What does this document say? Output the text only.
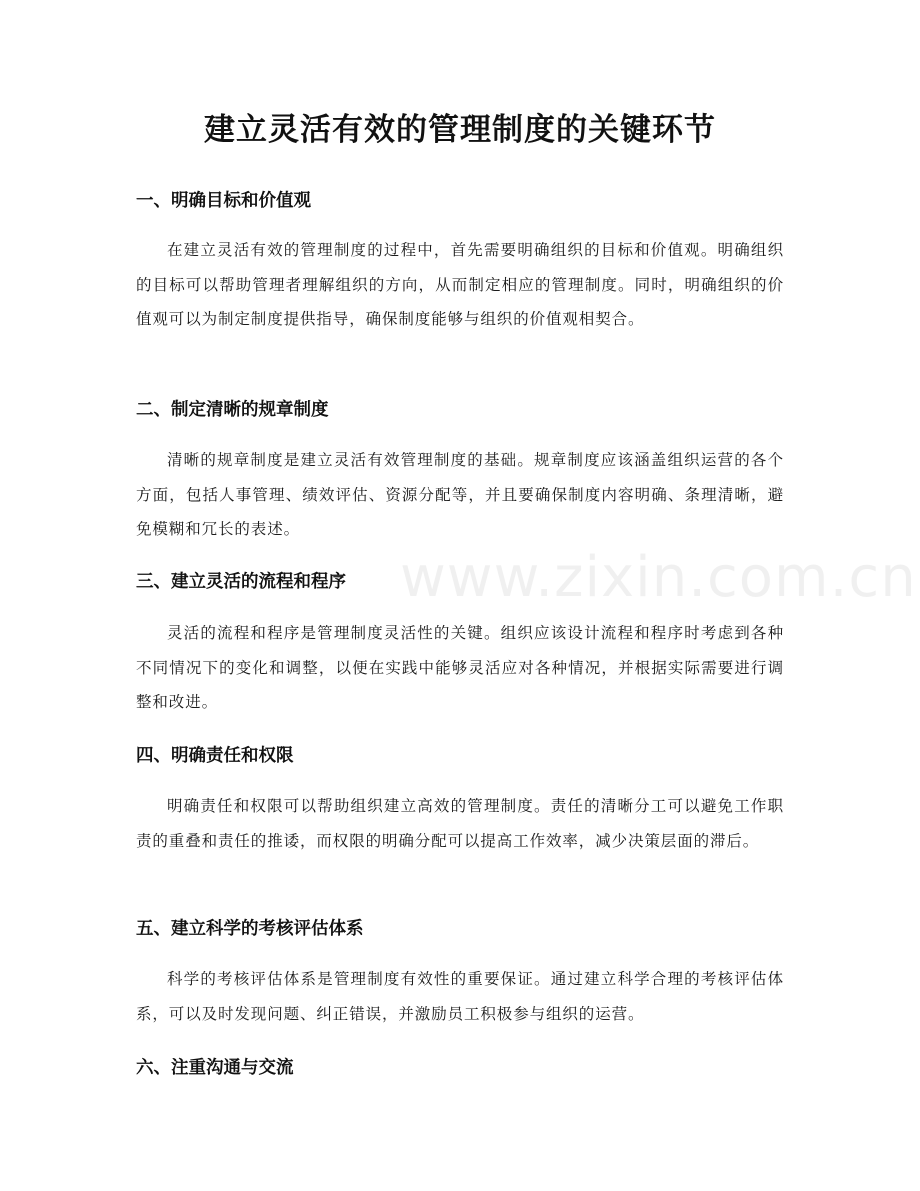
建立灵活有效的管理制度的关键环节
一、明确目标和价值观

在建立灵活有效的管理制度的过程中，首先需要明确组织的目标和价值观。明确组织的目标可以帮助管理者理解组织的方向，从而制定相应的管理制度。同时，明确组织的价值观可以为制定制度提供指导，确保制度能够与组织的价值观相契合。

二、制定清晰的规章制度

清晰的规章制度是建立灵活有效管理制度的基础。规章制度应该涵盖组织运营的各个方面，包括人事管理、绩效评估、资源分配等，并且要确保制度内容明确、条理清晰，避免模糊和冗长的表述。

三、建立灵活的流程和程序

灵活的流程和程序是管理制度灵活性的关键。组织应该设计流程和程序时考虑到各种不同情况下的变化和调整，以便在实践中能够灵活应对各种情况，并根据实际需要进行调整和改进。

四、明确责任和权限

明确责任和权限可以帮助组织建立高效的管理制度。责任的清晰分工可以避免工作职责的重叠和责任的推诿，而权限的明确分配可以提高工作效率，减少决策层面的滞后。

五、建立科学的考核评估体系

科学的考核评估体系是管理制度有效性的重要保证。通过建立科学合理的考核评估体系，可以及时发现问题、纠正错误，并激励员工积极参与组织的运营。

六、注重沟通与交流
www.zixin.com.cn
